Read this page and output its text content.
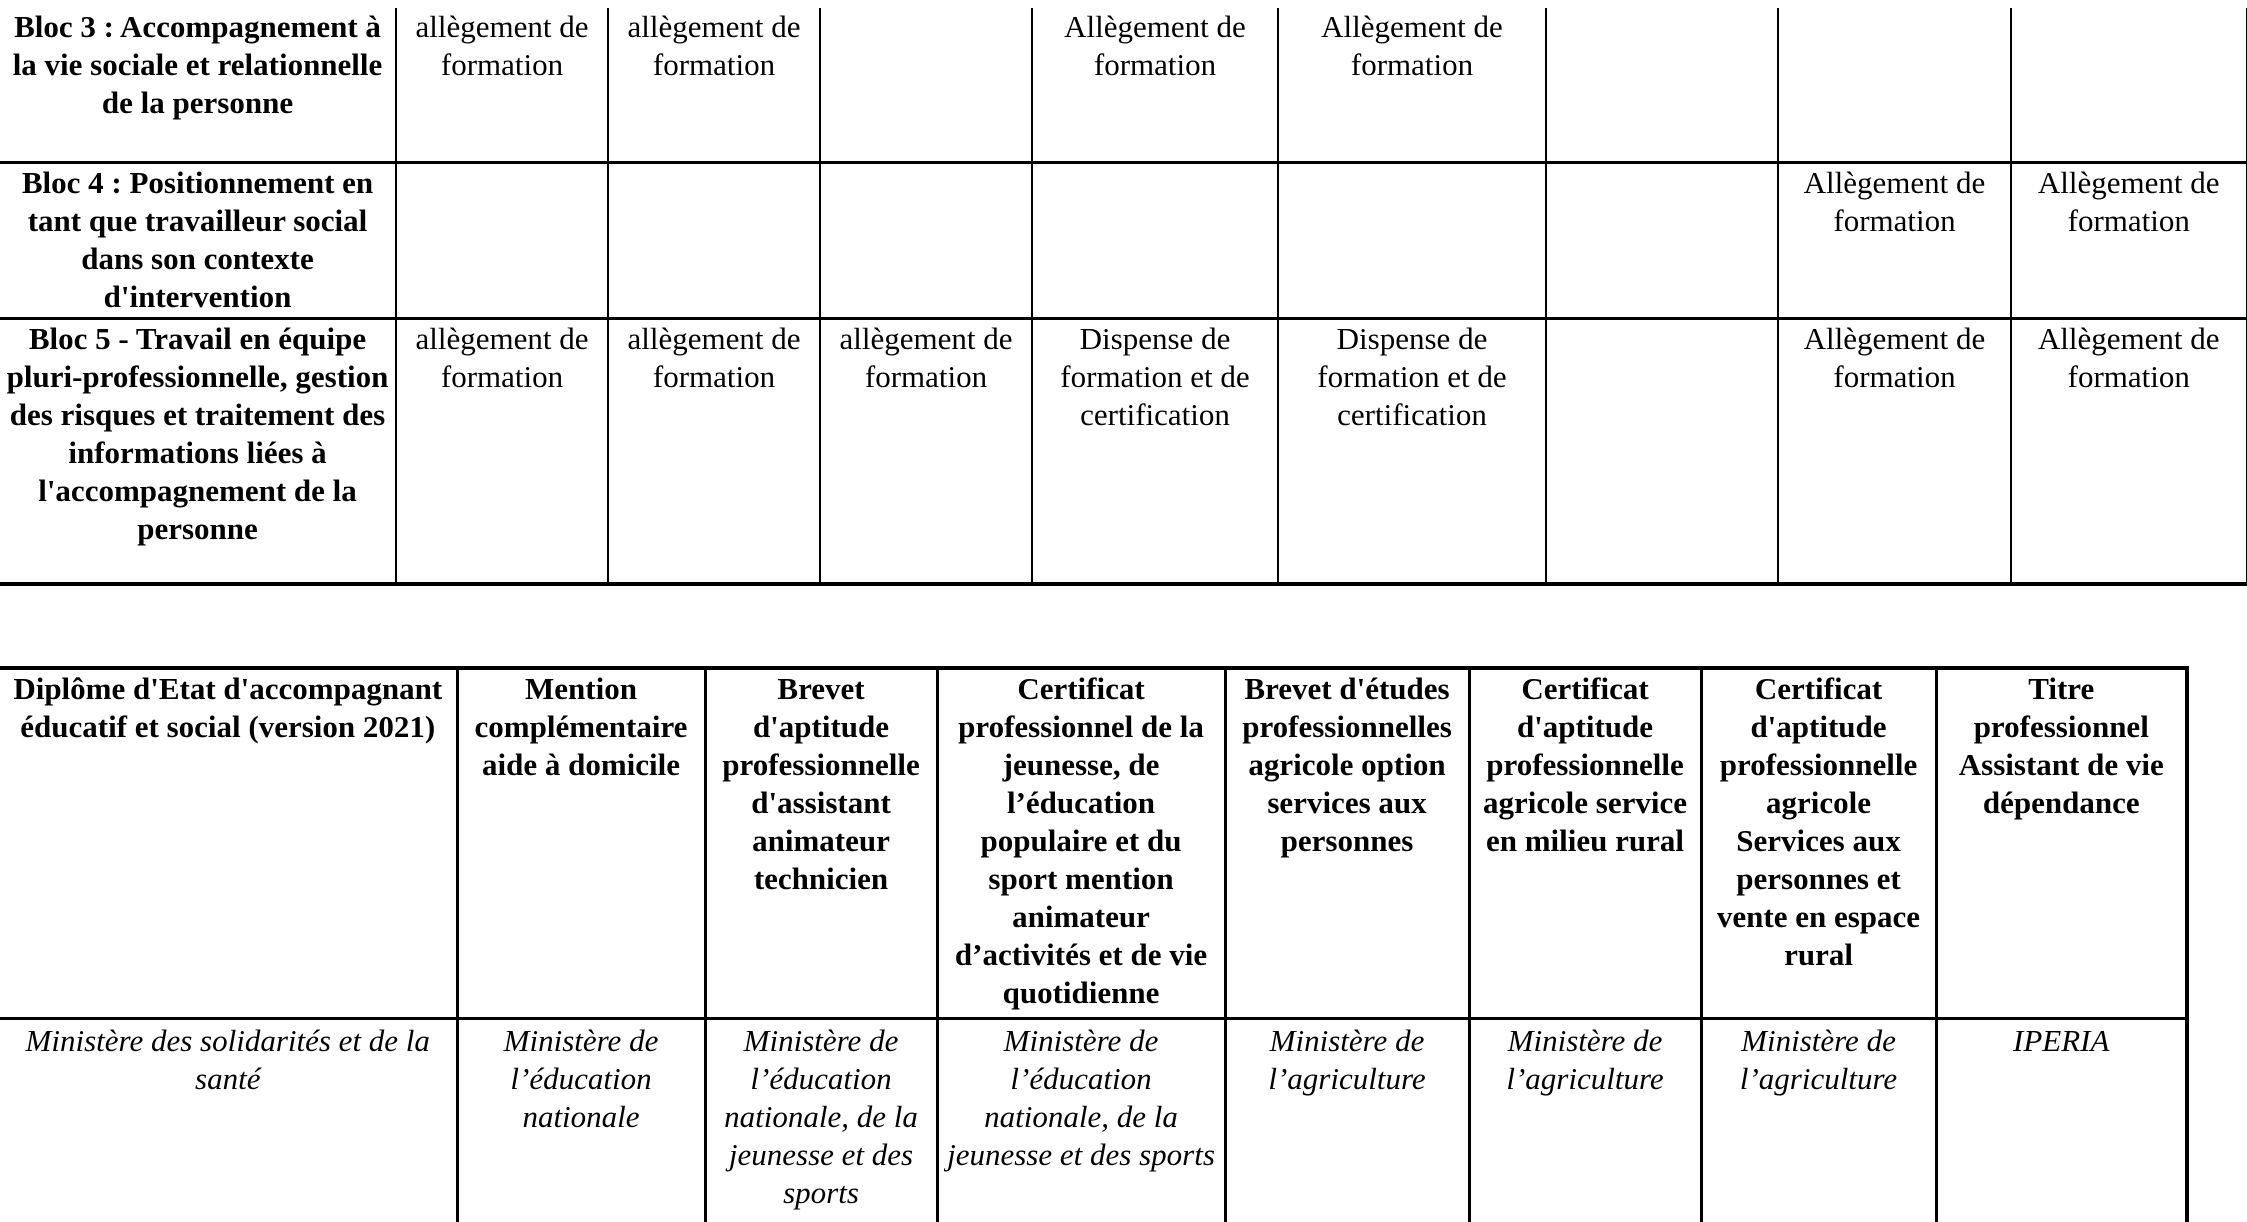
Bloc 3 : Accompagnement à la vie sociale et relationnelle de la personne	allègement de formation	allègement de formation		Allègement de formation	Allègement de formation			
Bloc 4 : Positionnement en tant que travailleur social dans son contexte d'intervention							Allègement de formation	Allègement de formation
Bloc 5 - Travail en équipe pluri-professionnelle, gestion des risques et traitement des informations liées à l'accompagnement de la personne	allègement de formation	allègement de formation	allègement de formation	Dispense de formation et de certification	Dispense de formation et de certification		Allègement de formation	Allègement de formation
Diplôme d'Etat d'accompagnant éducatif et social (version 2021)	Mention complémentaire aide à domicile	Brevet d'aptitude professionnelle d'assistant animateur technicien	Certificat professionnel de la jeunesse, de l’éducation populaire et du sport mention animateur d’activités et de vie quotidienne	Brevet d'études professionnelles agricole option services aux personnes	Certificat d'aptitude professionnelle agricole service en milieu rural	Certificat d'aptitude professionnelle agricole Services aux personnes et vente en espace rural	Titre professionnel Assistant de vie dépendance
Ministère des solidarités et de la santé	Ministère de l’éducation nationale	Ministère de l’éducation nationale, de la jeunesse et des sports	Ministère de l’éducation nationale, de la jeunesse et des sports	Ministère de l’agriculture	Ministère de l’agriculture	Ministère de l’agriculture	IPERIA
